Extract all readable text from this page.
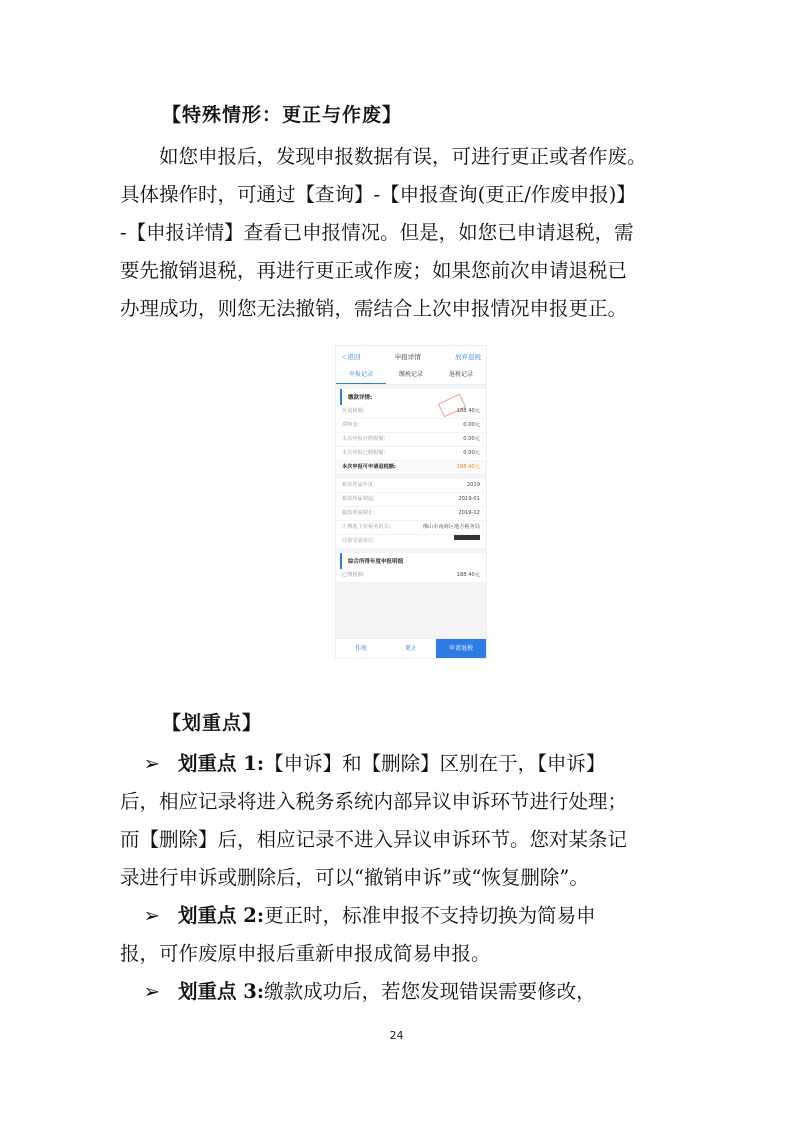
【特殊情形：更正与作废】

如您申报后，发现申报数据有误，可进行更正或者作废。

具体操作时，可通过【查询】-【申报查询(更正/作废申报)】

-【申报详情】查看已申报情况。但是，如您已申请退税，需

要先撤销退税，再进行更正或作废；如果您前次申请退税已

办理成功，则您无法撤销，需结合上次申报情况申报更正。

＜返回	申报详情	放弃退税
申报记录	缴税记录	退税记录
缴款详情:
应退税额:	188.40元
滞纳金:	0.00元
本次申报应缴税额:	0.00元
本次申报已缴税额:	0.00元
本次申报可申请退税额:	188.40元
税款所属年度:	2019
税款所属期起:	2019-01
税款所属期止:	2019-12
汇缴地主管税务机关:	佛山市南海区地方税务局
任职受雇单位:
综合所得年度申报明细
已缴税额:	188.40元
作废	更正	申请退税
【划重点】

➢ 划重点 1:【申诉】和【删除】区别在于，【申诉】

后，相应记录将进入税务系统内部异议申诉环节进行处理；

而【删除】后，相应记录不进入异议申诉环节。您对某条记

录进行申诉或删除后，可以“撤销申诉”或“恢复删除”。

➢ 划重点 2:更正时，标准申报不支持切换为简易申

报，可作废原申报后重新申报成简易申报。

➢ 划重点 3:缴款成功后，若您发现错误需要修改，

24
